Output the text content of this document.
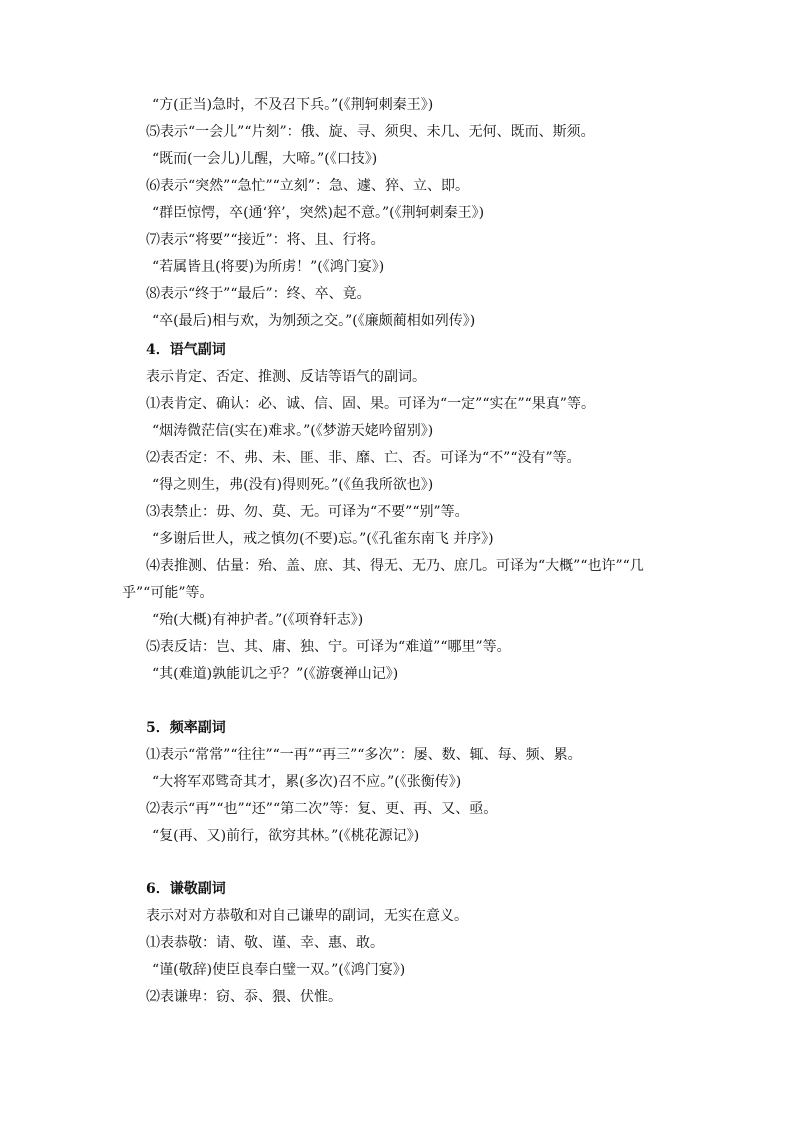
“方(正当)急时，不及召下兵。”(《荆轲刺秦王》)
⑸表示“一会儿”“片刻”：俄、旋、寻、须臾、未几、无何、既而、斯须。
“既而(一会儿)儿醒，大啼。”(《口技》)
⑹表示“突然”“急忙”“立刻”：急、遽、猝、立、即。
“群臣惊愕，卒(通‘猝’，突然)起不意。”(《荆轲刺秦王》)
⑺表示“将要”“接近”：将、且、行将。
“若属皆且(将要)为所虏！”(《鸿门宴》)
⑻表示“终于”“最后”：终、卒、竟。
“卒(最后)相与欢，为刎颈之交。”(《廉颇蔺相如列传》)
4．语气副词
表示肯定、否定、推测、反诘等语气的副词。
⑴表肯定、确认：必、诚、信、固、果。可译为“一定”“实在”“果真”等。
“烟涛微茫信(实在)难求。”(《梦游天姥吟留别》)
⑵表否定：不、弗、未、匪、非、靡、亡、否。可译为“不”“没有”等。
“得之则生，弗(没有)得则死。”(《鱼我所欲也》)
⑶表禁止：毋、勿、莫、无。可译为“不要”“别”等。
“多谢后世人，戒之慎勿(不要)忘。”(《孔雀东南飞 并序》)
⑷表推测、估量：殆、盖、庶、其、得无、无乃、庶几。可译为“大概”“也许”“几
乎”“可能”等。
“殆(大概)有神护者。”(《项脊轩志》)
⑸表反诘：岂、其、庸、独、宁。可译为“难道”“哪里”等。
“其(难道)孰能讥之乎？”(《游褒禅山记》)
5．频率副词
⑴表示“常常”“往往”“一再”“再三”“多次”：屡、数、辄、每、频、累。
“大将军邓骘奇其才，累(多次)召不应。”(《张衡传》)
⑵表示“再”“也”“还”“第二次”等：复、更、再、又、亟。
“复(再、又)前行，欲穷其林。”(《桃花源记》)
6．谦敬副词
表示对对方恭敬和对自己谦卑的副词，无实在意义。
⑴表恭敬：请、敬、谨、幸、惠、敢。
“谨(敬辞)使臣良奉白璧一双。”(《鸿门宴》)
⑵表谦卑：窃、忝、猥、伏惟。
